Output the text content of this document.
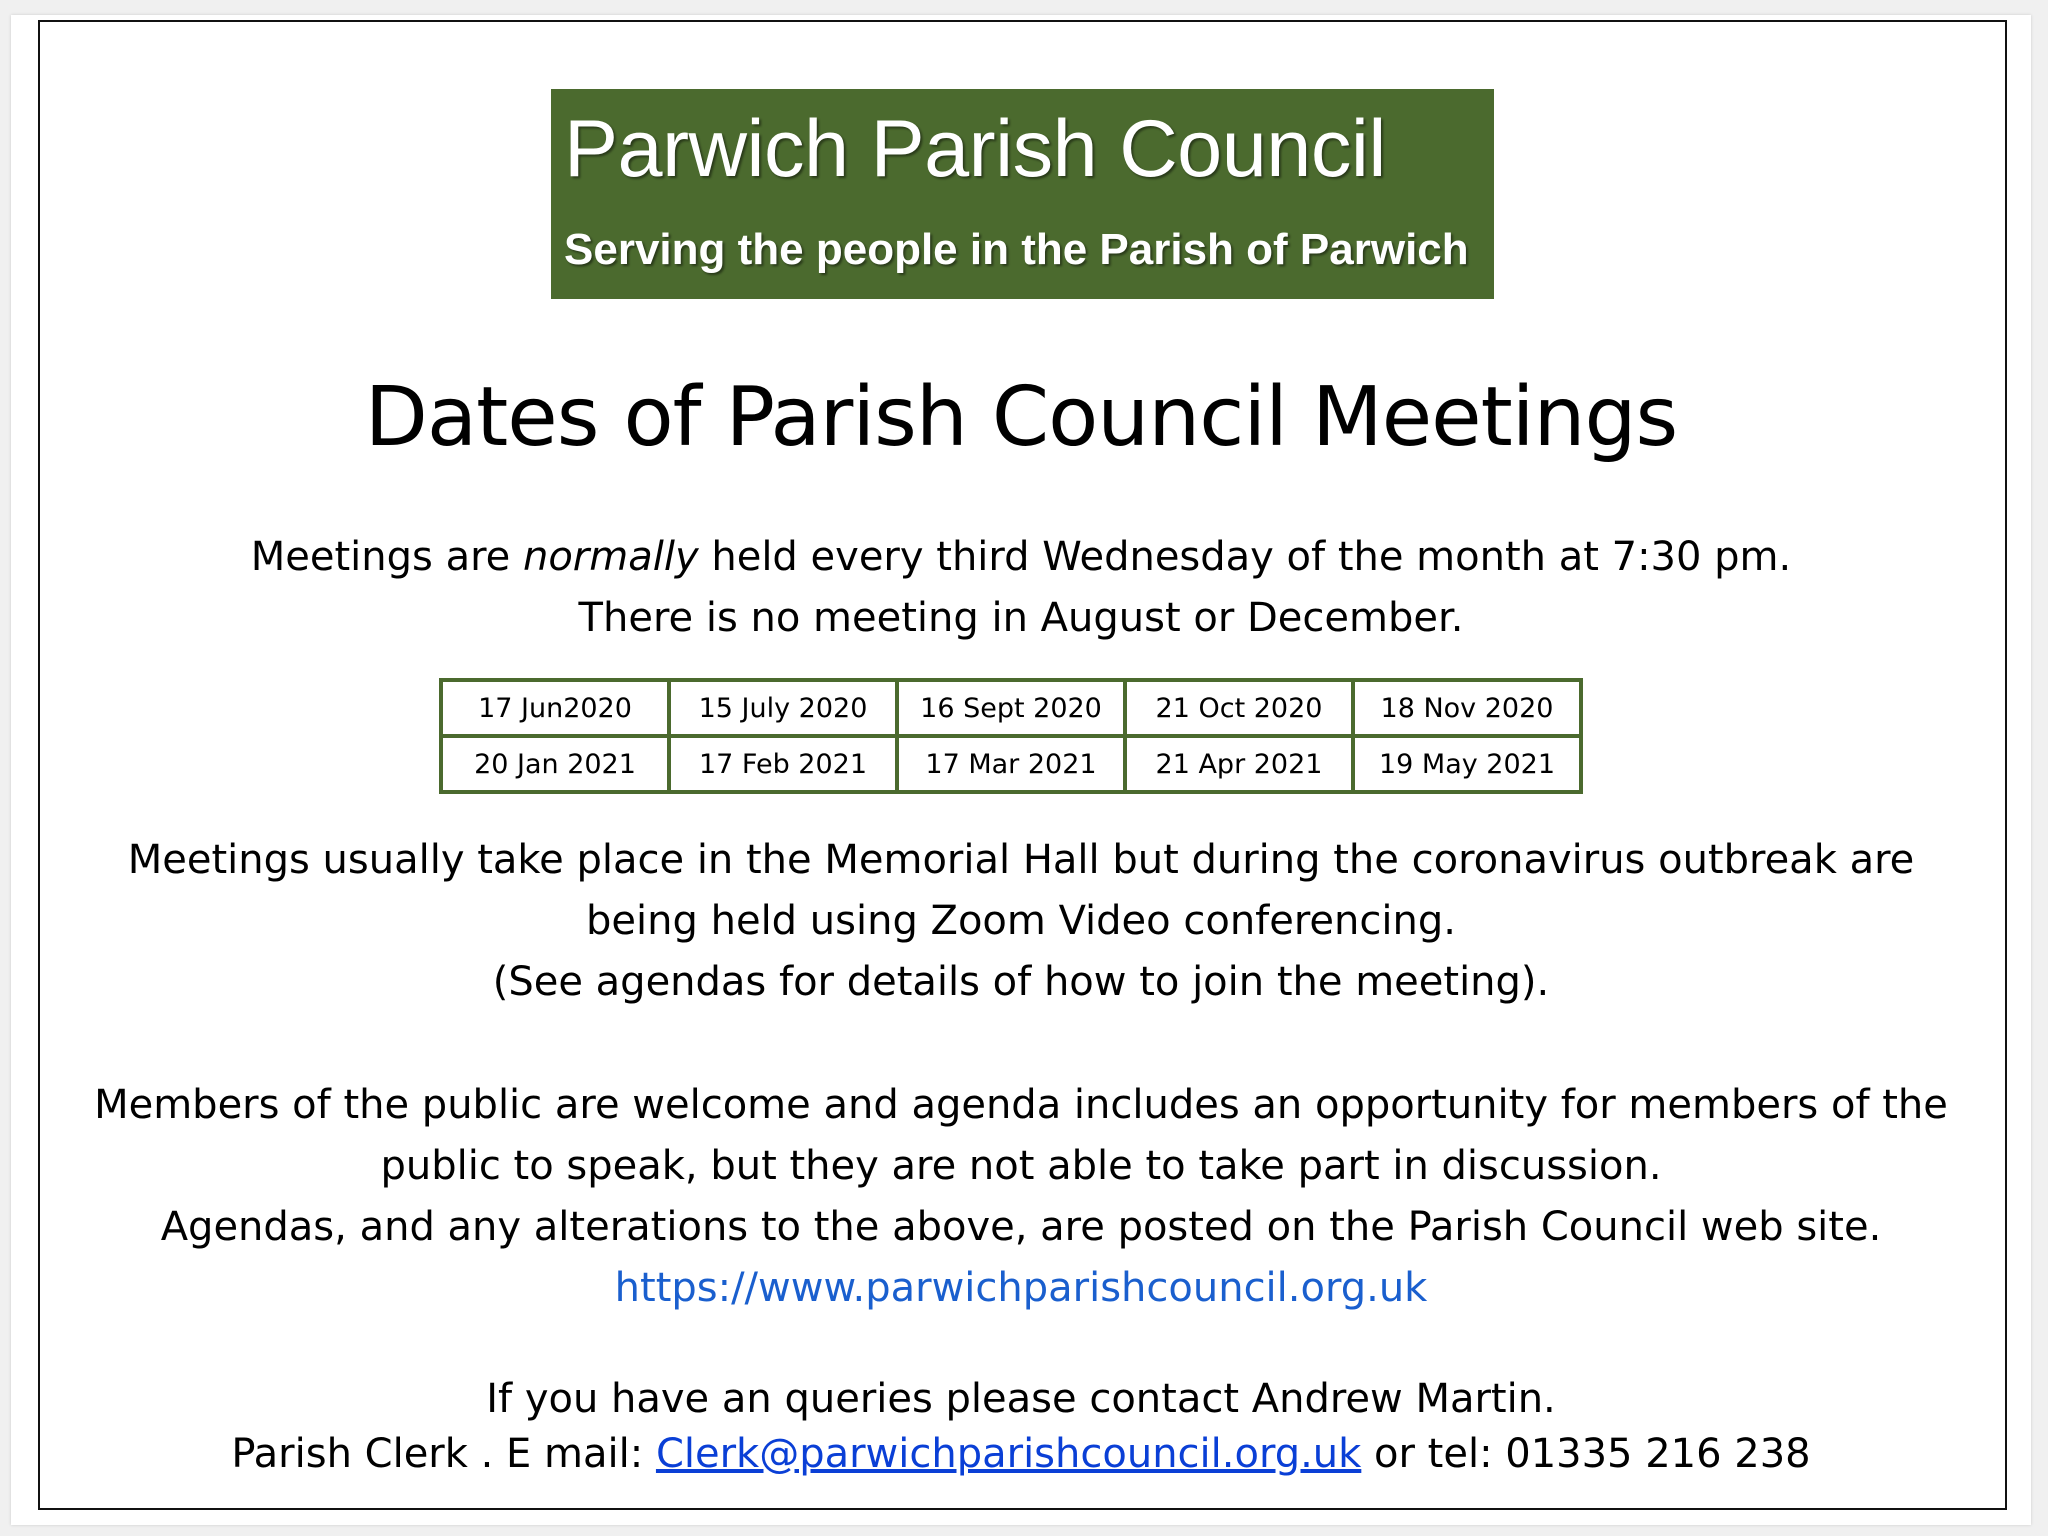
Parwich Parish Council
Serving the people in the Parish of Parwich
Dates of Parish Council Meetings
Meetings are normally held every third Wednesday of the month at 7:30 pm.
There is no meeting in August or December.
17 Jun2020	15 July 2020	16 Sept 2020	21 Oct 2020	18 Nov 2020
20 Jan 2021	17 Feb 2021	17 Mar 2021	21 Apr 2021	19 May 2021
Meetings usually take place in the Memorial Hall but during the coronavirus outbreak are
being held using Zoom Video conferencing.
(See agendas for details of how to join the meeting).
Members of the public are welcome and agenda includes an opportunity for members of the
public to speak, but they are not able to take part in discussion.
Agendas, and any alterations to the above, are posted on the Parish Council web site.
https://www.parwichparishcouncil.org.uk
If you have an queries please contact Andrew Martin.
Parish Clerk . E mail: Clerk@parwichparishcouncil.org.uk or tel: 01335 216 238
